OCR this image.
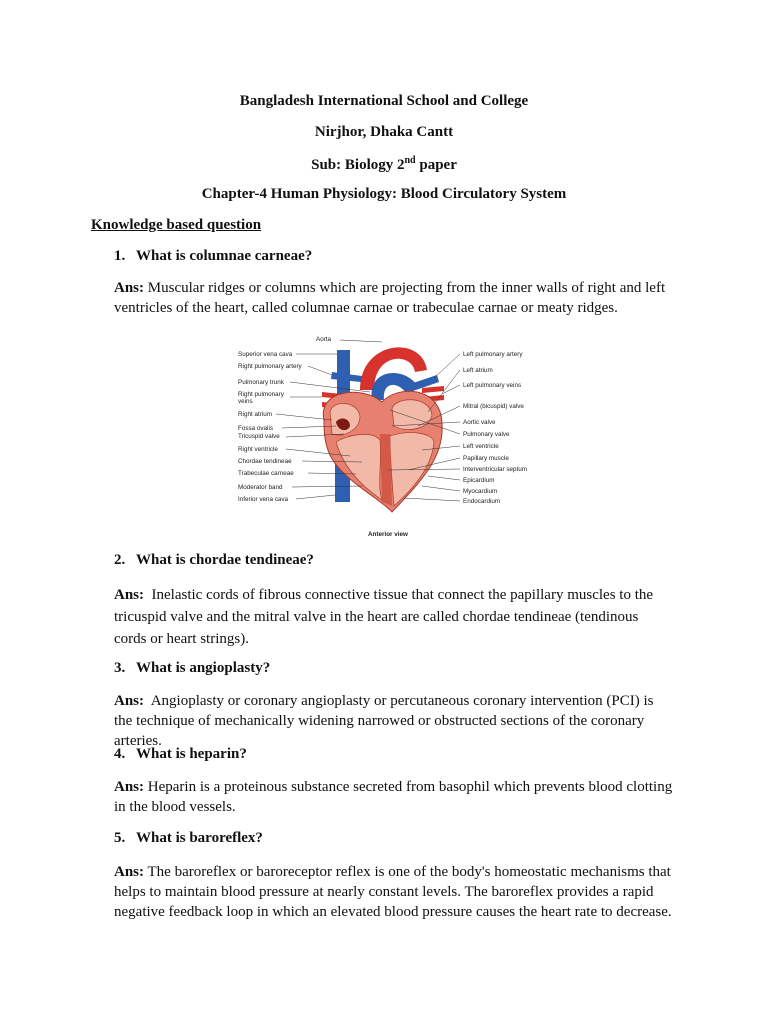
Bangladesh International School and College
Nirjhor, Dhaka Cantt
Sub: Biology 2nd paper
Chapter-4 Human Physiology: Blood Circulatory System
Knowledge based question
1. What is columnae carneae?
Ans: Muscular ridges or columns which are projecting from the inner walls of right and left ventricles of the heart, called columnae carnae or trabeculae carnae or meaty ridges.
Aorta
Superior vena cava
Right pulmonary artery
Pulmonary trunk
Right pulmonary
veins
Right atrium
Fossa ovalis
Tricuspid valve
Right ventricle
Chordae tendineae
Trabeculae carneae
Moderator band
Inferior vena cava
Left pulmonary artery
Left atrium
Left pulmonary veins
Mitral (bicuspid) valve
Aortic valve
Pulmonary valve
Left ventricle
Papillary muscle
Interventricular septum
Epicardium
Myocardium
Endocardium
Anterior view
2. What is chordae tendineae?
Ans: Inelastic cords of fibrous connective tissue that connect the papillary muscles to the tricuspid valve and the mitral valve in the heart are called chordae tendineae (tendinous cords or heart strings).
3. What is angioplasty?
Ans: Angioplasty or coronary angioplasty or percutaneous coronary intervention (PCI) is the technique of mechanically widening narrowed or obstructed sections of the coronary arteries.
4. What is heparin?
Ans: Heparin is a proteinous substance secreted from basophil which prevents blood clotting in the blood vessels.
5. What is baroreflex?
Ans: The baroreflex or baroreceptor reflex is one of the body's homeostatic mechanisms that helps to maintain blood pressure at nearly constant levels. The baroreflex provides a rapid negative feedback loop in which an elevated blood pressure causes the heart rate to decrease.
